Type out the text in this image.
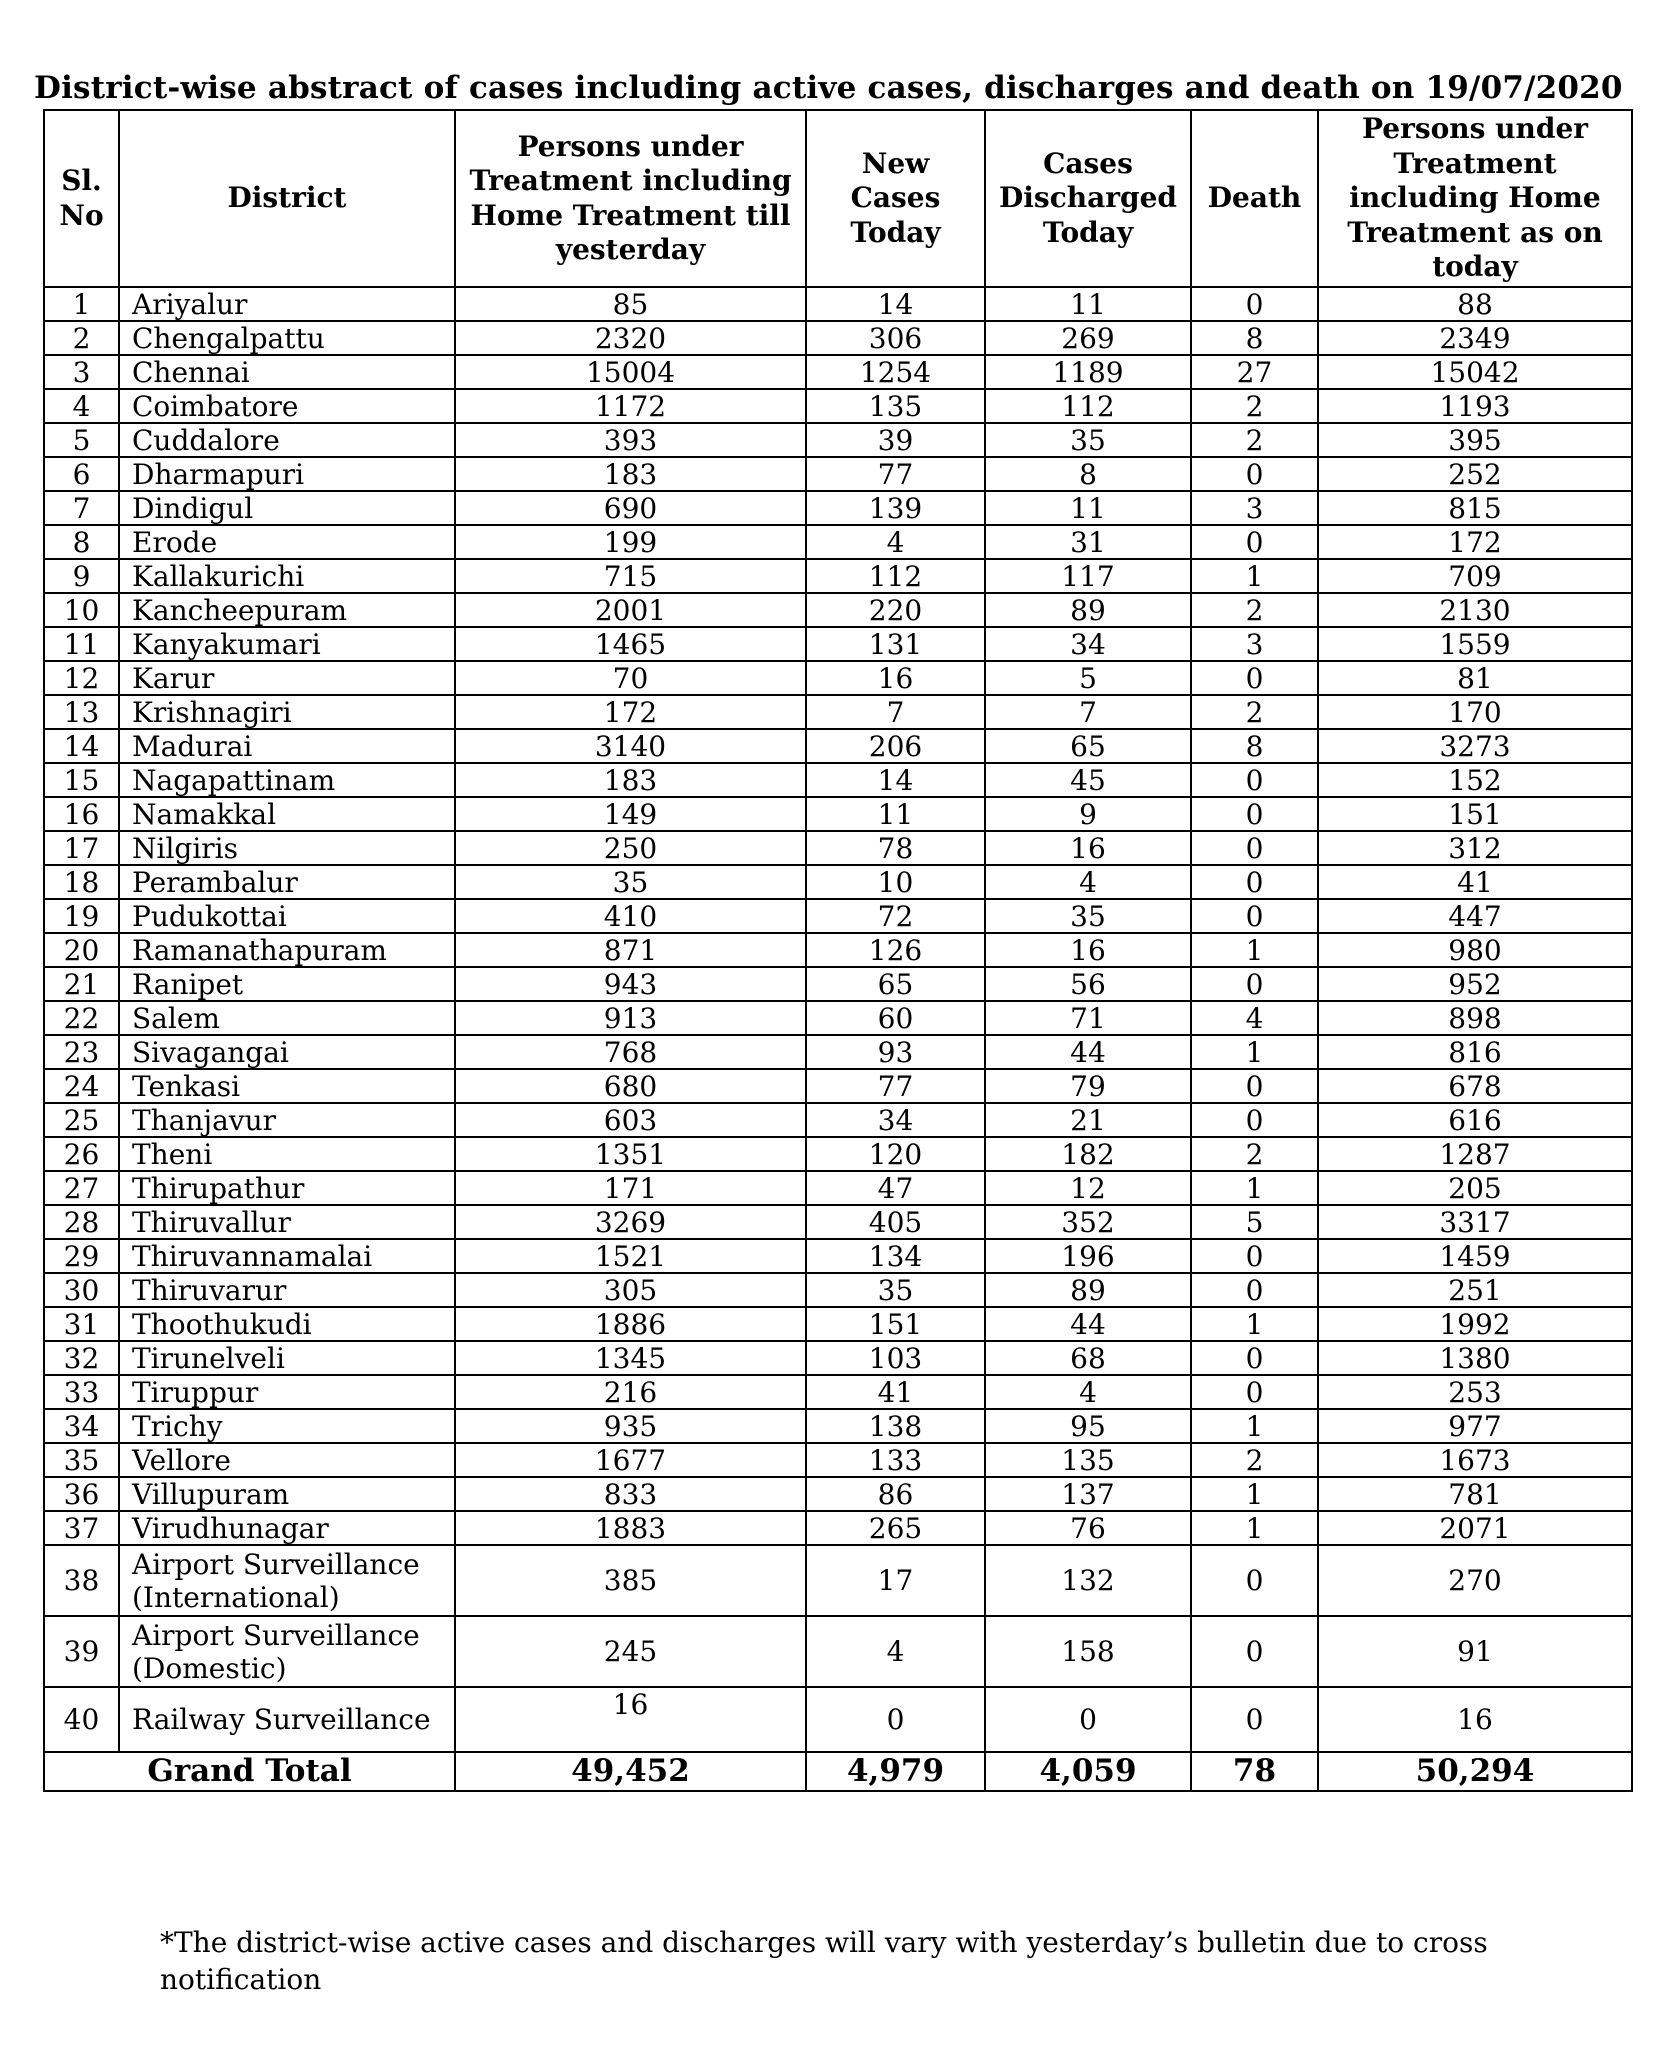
District-wise abstract of cases including active cases, discharges and death on 19/07/2020
Sl. No	District	Persons under Treatment including Home Treatment till yesterday	New Cases Today	Cases Discharged Today	Death	Persons under Treatment including Home Treatment as on today
1	Ariyalur	85	14	11	0	88
2	Chengalpattu	2320	306	269	8	2349
3	Chennai	15004	1254	1189	27	15042
4	Coimbatore	1172	135	112	2	1193
5	Cuddalore	393	39	35	2	395
6	Dharmapuri	183	77	8	0	252
7	Dindigul	690	139	11	3	815
8	Erode	199	4	31	0	172
9	Kallakurichi	715	112	117	1	709
10	Kancheepuram	2001	220	89	2	2130
11	Kanyakumari	1465	131	34	3	1559
12	Karur	70	16	5	0	81
13	Krishnagiri	172	7	7	2	170
14	Madurai	3140	206	65	8	3273
15	Nagapattinam	183	14	45	0	152
16	Namakkal	149	11	9	0	151
17	Nilgiris	250	78	16	0	312
18	Perambalur	35	10	4	0	41
19	Pudukottai	410	72	35	0	447
20	Ramanathapuram	871	126	16	1	980
21	Ranipet	943	65	56	0	952
22	Salem	913	60	71	4	898
23	Sivagangai	768	93	44	1	816
24	Tenkasi	680	77	79	0	678
25	Thanjavur	603	34	21	0	616
26	Theni	1351	120	182	2	1287
27	Thirupathur	171	47	12	1	205
28	Thiruvallur	3269	405	352	5	3317
29	Thiruvannamalai	1521	134	196	0	1459
30	Thiruvarur	305	35	89	0	251
31	Thoothukudi	1886	151	44	1	1992
32	Tirunelveli	1345	103	68	0	1380
33	Tiruppur	216	41	4	0	253
34	Trichy	935	138	95	1	977
35	Vellore	1677	133	135	2	1673
36	Villupuram	833	86	137	1	781
37	Virudhunagar	1883	265	76	1	2071
38	Airport Surveillance (International)	385	17	132	0	270
39	Airport Surveillance (Domestic)	245	4	158	0	91
40	Railway Surveillance	16	0	0	0	16
Grand Total		49,452	4,979	4,059	78	50,294
*The district-wise active cases and discharges will vary with yesterday’s bulletin due to cross notification
